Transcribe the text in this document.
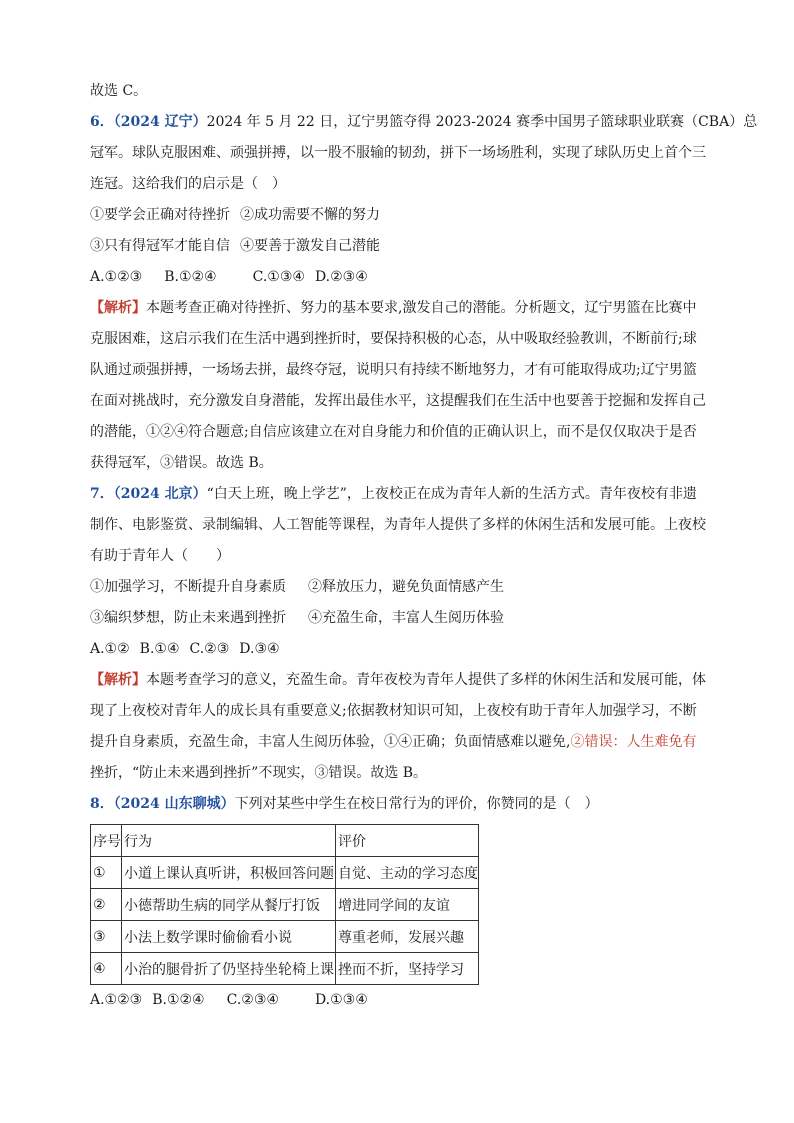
故选 C。
6．（2024 辽宁）2024 年 5 月 22 日，辽宁男篮夺得 2023-2024 赛季中国男子篮球职业联赛（CBA）总
冠军。球队克服困难、顽强拼搏，以一股不服输的韧劲，拼下一场场胜利，实现了球队历史上首个三
连冠。这给我们的启示是（　）
①要学会正确对待挫折 ②成功需要不懈的努力
③只有得冠军才能自信 ④要善于激发自己潜能
A.①②③ B.①②④	C.①③④ D.②③④
【解析】本题考查正确对待挫折、努力的基本要求,激发自己的潜能。分析题文，辽宁男篮在比赛中
克服困难，这启示我们在生活中遇到挫折时，要保持积极的心态，从中吸取经验教训，不断前行;球
队通过顽强拼搏，一场场去拼，最终夺冠，说明只有持续不断地努力，才有可能取得成功;辽宁男篮
在面对挑战时，充分激发自身潜能，发挥出最佳水平，这提醒我们在生活中也要善于挖掘和发挥自己
的潜能，①②④符合题意;自信应该建立在对自身能力和价值的正确认识上，而不是仅仅取决于是否
获得冠军，③错误。故选 B。
7．（2024 北京）“白天上班，晚上学艺”，上夜校正在成为青年人新的生活方式。青年夜校有非遗
制作、电影鉴赏、录制编辑、人工智能等课程，为青年人提供了多样的休闲生活和发展可能。上夜校
有助于青年人（　　）
①加强学习，不断提升自身素质 ②释放压力，避免负面情感产生
③编织梦想，防止未来遇到挫折 ④充盈生命，丰富人生阅历体验
A.①② B.①④ C.②③ D.③④
【解析】本题考查学习的意义，充盈生命。青年夜校为青年人提供了多样的休闲生活和发展可能，体
现了上夜校对青年人的成长具有重要意义;依据教材知识可知，上夜校有助于青年人加强学习，不断
提升自身素质，充盈生命，丰富人生阅历体验，①④正确；负面情感难以避免,②错误：人生难免有
挫折，“防止未来遇到挫折”不现实，③错误。故选 B。
8．（2024 山东聊城）下列对某些中学生在校日常行为的评价，你赞同的是（　）
序号	行为	评价
①	小道上课认真听讲，积极回答问题	自觉、主动的学习态度
②	小德帮助生病的同学从餐厅打饭	增进同学间的友谊
③	小法上数学课时偷偷看小说	尊重老师，发展兴趣
④	小治的腿骨折了仍坚持坐轮椅上课	挫而不折，坚持学习
A.①②③ B.①②④ C.②③④	D.①③④
